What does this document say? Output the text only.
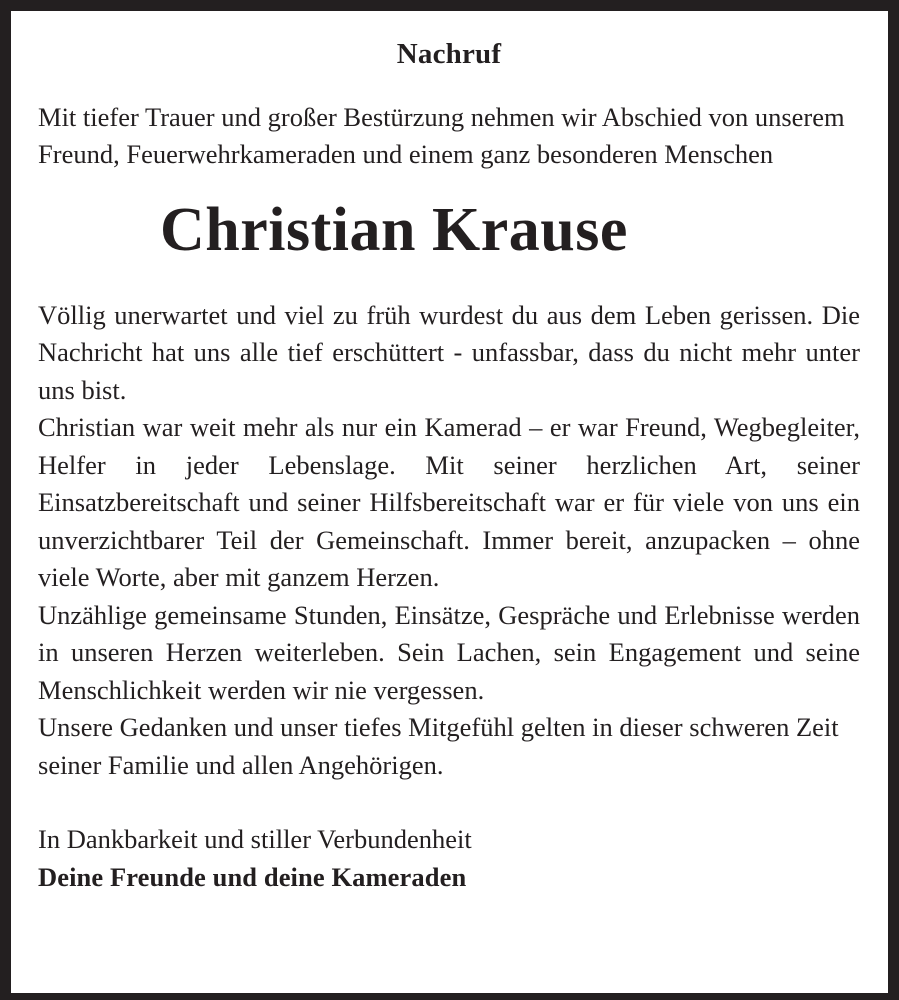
Nachruf

Mit tiefer Trauer und großer Bestürzung nehmen wir Abschied von unserem Freund, Feuerwehrkameraden und einem ganz besonderen Menschen

Christian Krause

Völlig unerwartet und viel zu früh wurdest du aus dem Leben gerissen. Die Nachricht hat uns alle tief erschüttert - unfassbar, dass du nicht mehr unter uns bist.

Christian war weit mehr als nur ein Kamerad – er war Freund, Wegbegleiter, Helfer in jeder Lebenslage. Mit seiner herzlichen Art, seiner Einsatzbereitschaft und seiner Hilfsbereitschaft war er für viele von uns ein unverzichtbarer Teil der Gemeinschaft. Immer bereit, anzupacken – ohne viele Worte, aber mit ganzem Herzen.

Unzählige gemeinsame Stunden, Einsätze, Gespräche und Erlebnisse werden in unseren Herzen weiterleben. Sein Lachen, sein Engagement und seine Menschlichkeit werden wir nie vergessen.

Unsere Gedanken und unser tiefes Mitgefühl gelten in dieser schweren Zeit seiner Familie und allen Angehörigen.

In Dankbarkeit und stiller Verbundenheit

Deine Freunde und deine Kameraden
